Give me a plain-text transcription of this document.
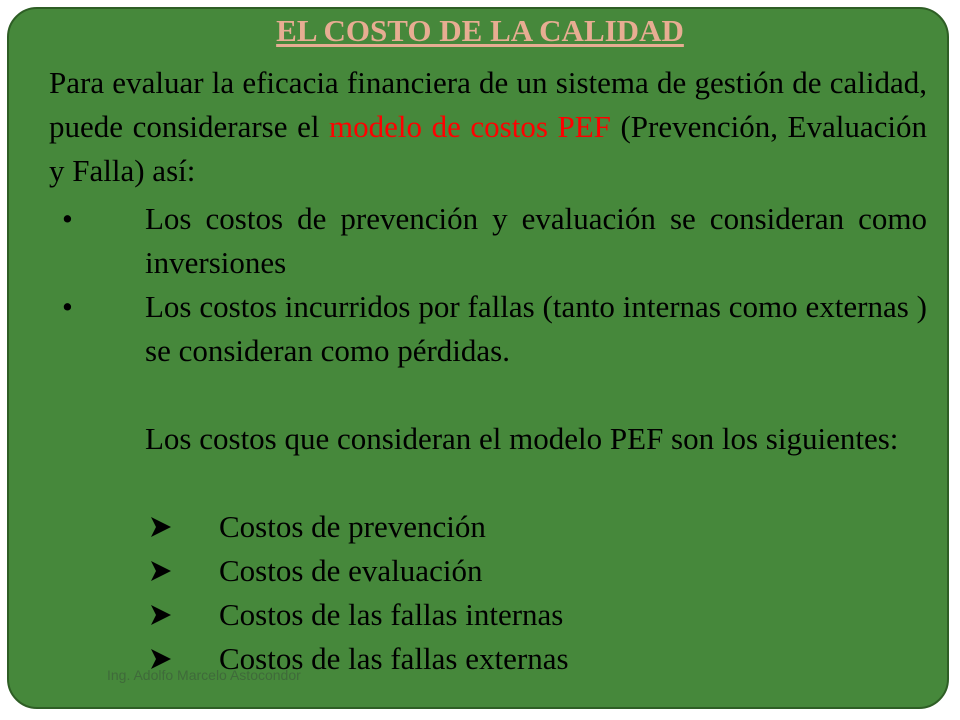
EL COSTO DE LA CALIDAD
Para evaluar la eficacia financiera de un sistema de gestión de calidad, puede considerarse el modelo de costos PEF (Prevención, Evaluación y Falla) así:
• Los costos de prevención y evaluación se consideran como inversiones
• Los costos incurridos por fallas (tanto internas como externas ) se consideran como pérdidas.
Los costos que consideran el modelo PEF son los siguientes:
Costos de prevención
Costos de evaluación
Costos de las fallas internas
Ing. Adolfo Marcelo Astocondor
Costos de las fallas externas
